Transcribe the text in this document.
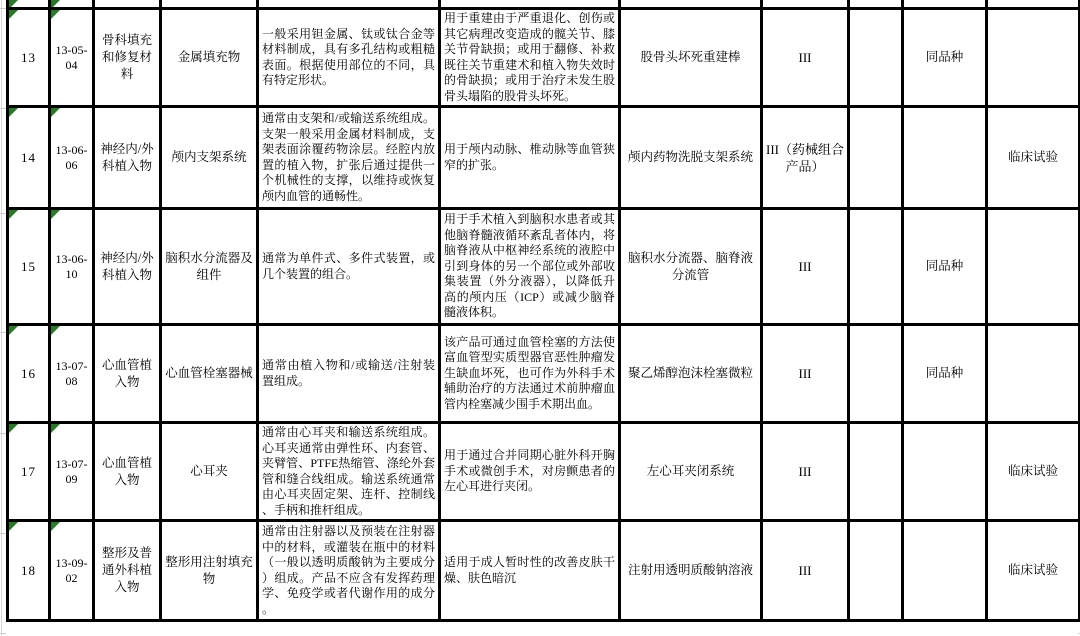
13	13-05-04	骨科填充和修复材料	金属填充物	一般采用钽金属、钛或钛合金等材料制成，具有多孔结构或粗糙表面。根据使用部位的不同，具有特定形状。	用于重建由于严重退化、创伤或其它病理改变造成的髋关节、膝关节骨缺损；或用于翻修、补救既往关节重建术和植入物失效时的骨缺损；或用于治疗未发生股骨头塌陷的股骨头坏死。	股骨头坏死重建棒	III		同品种	

14	13-06-06	神经内/外科植入物	颅内支架系统	通常由支架和/或输送系统组成。支架一般采用金属材料制成，支架表面涂覆药物涂层。经腔内放置的植入物，扩张后通过提供一个机械性的支撑，以维持或恢复颅内血管的通畅性。	用于颅内动脉、椎动脉等血管狭窄的扩张。	颅内药物洗脱支架系统	III（药械组合产品）			临床试验

15	13-06-10	神经内/外科植入物	脑积水分流器及组件	通常为单件式、多件式装置，或几个装置的组合。	用于手术植入到脑积水患者或其他脑脊髓液循环紊乱者体内，将脑脊液从中枢神经系统的液腔中引到身体的另一个部位或外部收集装置（外分液器），以降低升高的颅内压（ICP）或减少脑脊髓液体积。	脑积水分流器、脑脊液分流管	III		同品种	

16	13-07-08	心血管植入物	心血管栓塞器械	通常由植入物和/或输送/注射装置组成。	该产品可通过血管栓塞的方法使富血管型实质型器官恶性肿瘤发生缺血坏死，也可作为外科手术辅助治疗的方法通过术前肿瘤血管内栓塞减少围手术期出血。	聚乙烯醇泡沫栓塞微粒	III		同品种	

17	13-07-09	心血管植入物	心耳夹	通常由心耳夹和输送系统组成。心耳夹通常由弹性环、内套管、夹臂管、PTFE热缩管、涤纶外套管和缝合线组成。输送系统通常由心耳夹固定架、连杆、控制线、手柄和推杆组成。	用于通过合并同期心脏外科开胸手术或微创手术，对房颤患者的左心耳进行夹闭。	左心耳夹闭系统	III			临床试验

18	13-09-02	整形及普通外科植入物	整形用注射填充物	通常由注射器以及预装在注射器中的材料，或灌装在瓶中的材料（一般以透明质酸钠为主要成分）组成。产品不应含有发挥药理学、免疫学或者代谢作用的成分。	适用于成人暂时性的改善皮肤干燥、肤色暗沉	注射用透明质酸钠溶液	III			临床试验
